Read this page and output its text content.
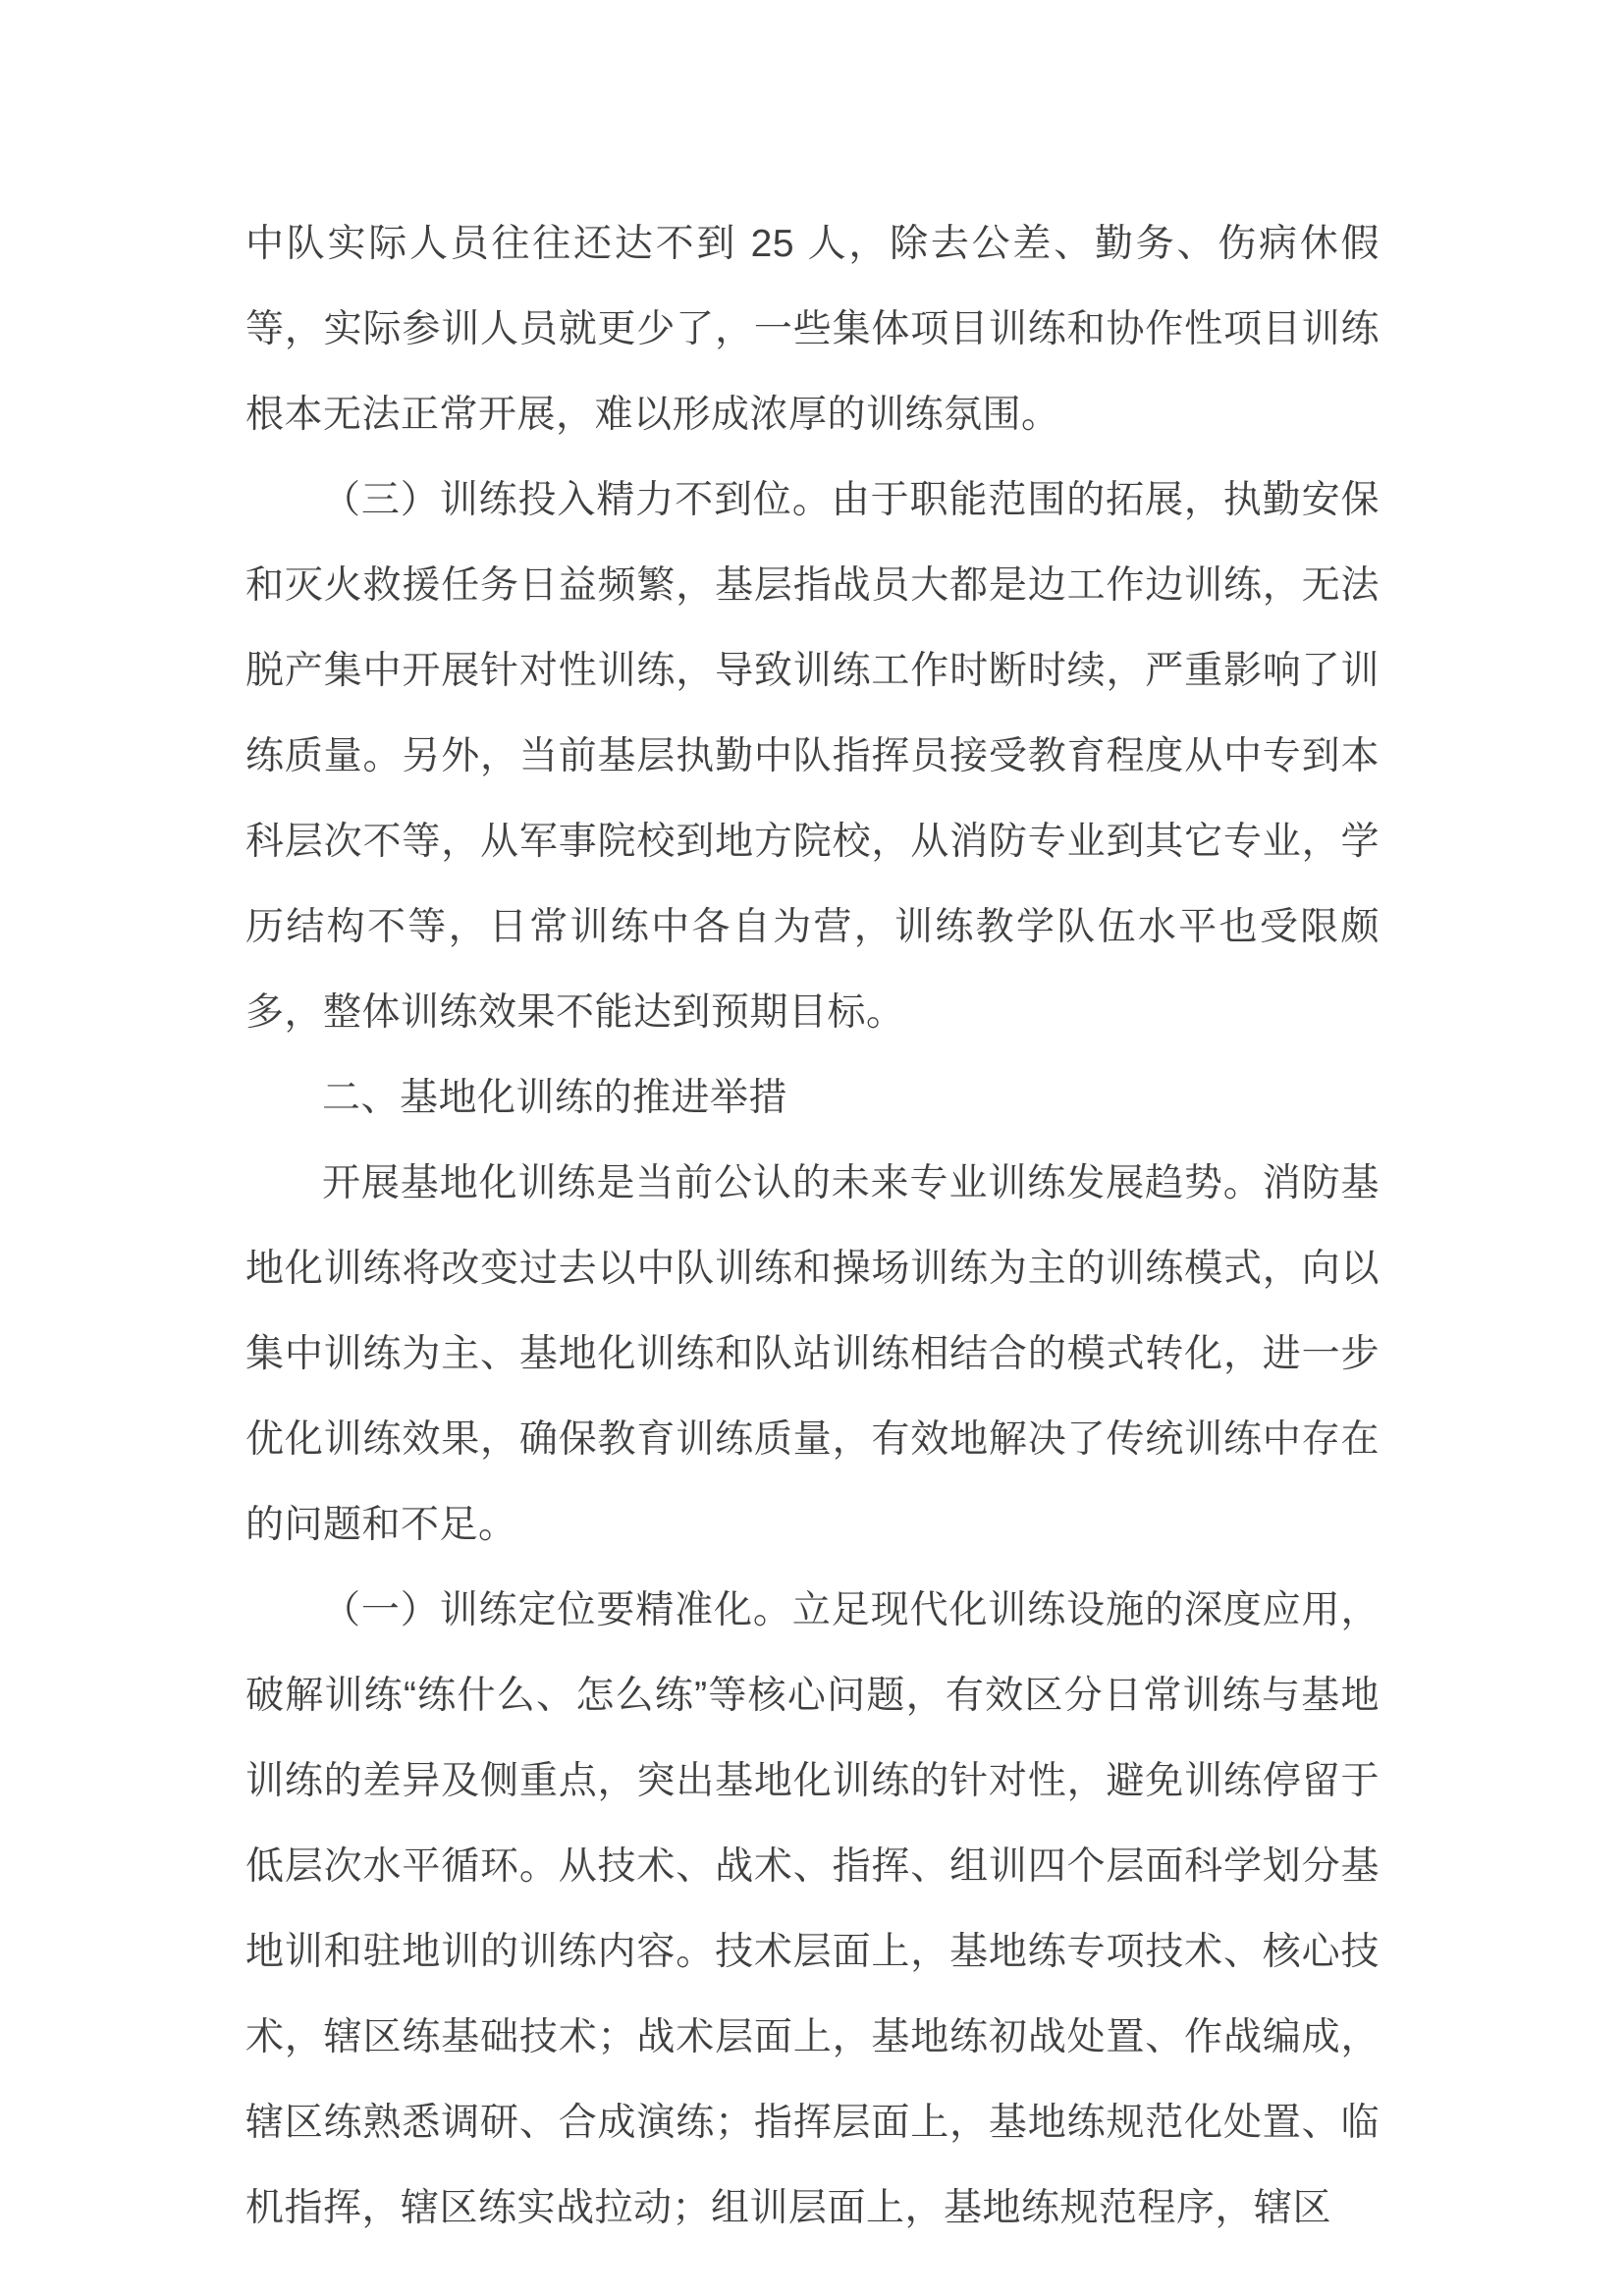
中队实际人员往往还达不到 25 人，除去公差、勤务、伤病休假等，实际参训人员就更少了，一些集体项目训练和协作性项目训练根本无法正常开展，难以形成浓厚的训练氛围。

（三）训练投入精力不到位。由于职能范围的拓展，执勤安保和灭火救援任务日益频繁，基层指战员大都是边工作边训练，无法脱产集中开展针对性训练，导致训练工作时断时续，严重影响了训练质量。另外，当前基层执勤中队指挥员接受教育程度从中专到本科层次不等，从军事院校到地方院校，从消防专业到其它专业，学历结构不等，日常训练中各自为营，训练教学队伍水平也受限颇多，整体训练效果不能达到预期目标。

二、基地化训练的推进举措

开展基地化训练是当前公认的未来专业训练发展趋势。消防基地化训练将改变过去以中队训练和操场训练为主的训练模式，向以集中训练为主、基地化训练和队站训练相结合的模式转化，进一步优化训练效果，确保教育训练质量，有效地解决了传统训练中存在的问题和不足。

（一）训练定位要精准化。立足现代化训练设施的深度应用，破解训练“练什么、怎么练”等核心问题，有效区分日常训练与基地训练的差异及侧重点，突出基地化训练的针对性，避免训练停留于低层次水平循环。从技术、战术、指挥、组训四个层面科学划分基地训和驻地训的训练内容。技术层面上，基地练专项技术、核心技术，辖区练基础技术；战术层面上，基地练初战处置、作战编成，辖区练熟悉调研、合成演练；指挥层面上，基地练规范化处置、临机指挥，辖区练实战拉动；组训层面上，基地练规范程序，辖区
